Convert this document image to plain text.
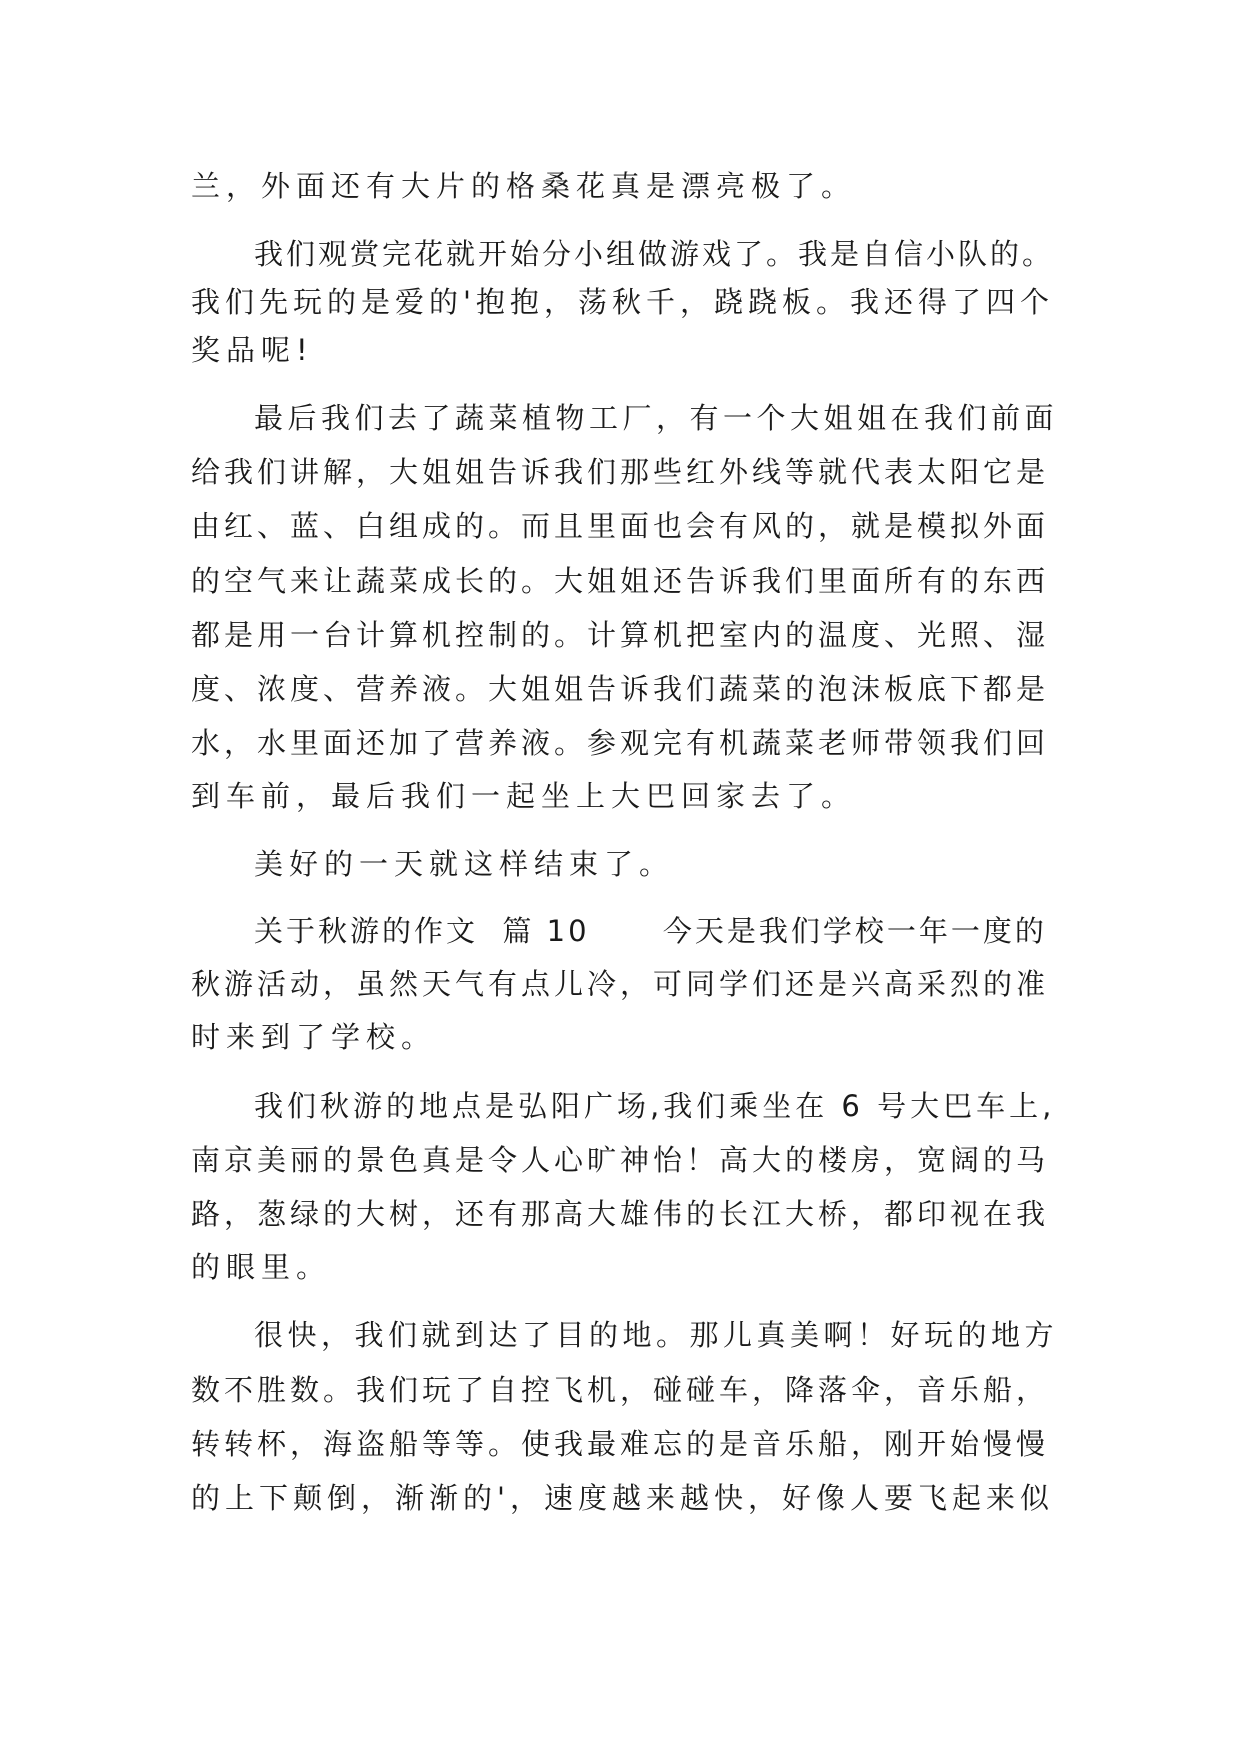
兰，外面还有大片的格桑花真是漂亮极了。

我们观赏完花就开始分小组做游戏了。我是自信小队的。

我们先玩的是爱的'抱抱，荡秋千，跷跷板。我还得了四个

奖品呢!

最后我们去了蔬菜植物工厂，有一个大姐姐在我们前面

给我们讲解，大姐姐告诉我们那些红外线等就代表太阳它是

由红、蓝、白组成的。而且里面也会有风的，就是模拟外面

的空气来让蔬菜成长的。大姐姐还告诉我们里面所有的东西

都是用一台计算机控制的。计算机把室内的温度、光照、湿

度、浓度、营养液。大姐姐告诉我们蔬菜的泡沫板底下都是

水，水里面还加了营养液。参观完有机蔬菜老师带领我们回

到车前，最后我们一起坐上大巴回家去了。

美好的一天就这样结束了。

关于秋游的作文  篇 10      今天是我们学校一年一度的

秋游活动，虽然天气有点儿冷，可同学们还是兴高采烈的准

时来到了学校。

我们秋游的地点是弘阳广场,我们乘坐在 6 号大巴车上,

南京美丽的景色真是令人心旷神怡！高大的楼房，宽阔的马

路，葱绿的大树，还有那高大雄伟的长江大桥，都印视在我

的眼里。

很快，我们就到达了目的地。那儿真美啊！好玩的地方

数不胜数。我们玩了自控飞机，碰碰车，降落伞，音乐船，

转转杯，海盗船等等。使我最难忘的是音乐船，刚开始慢慢

的上下颠倒，渐渐的'，速度越来越快，好像人要飞起来似
